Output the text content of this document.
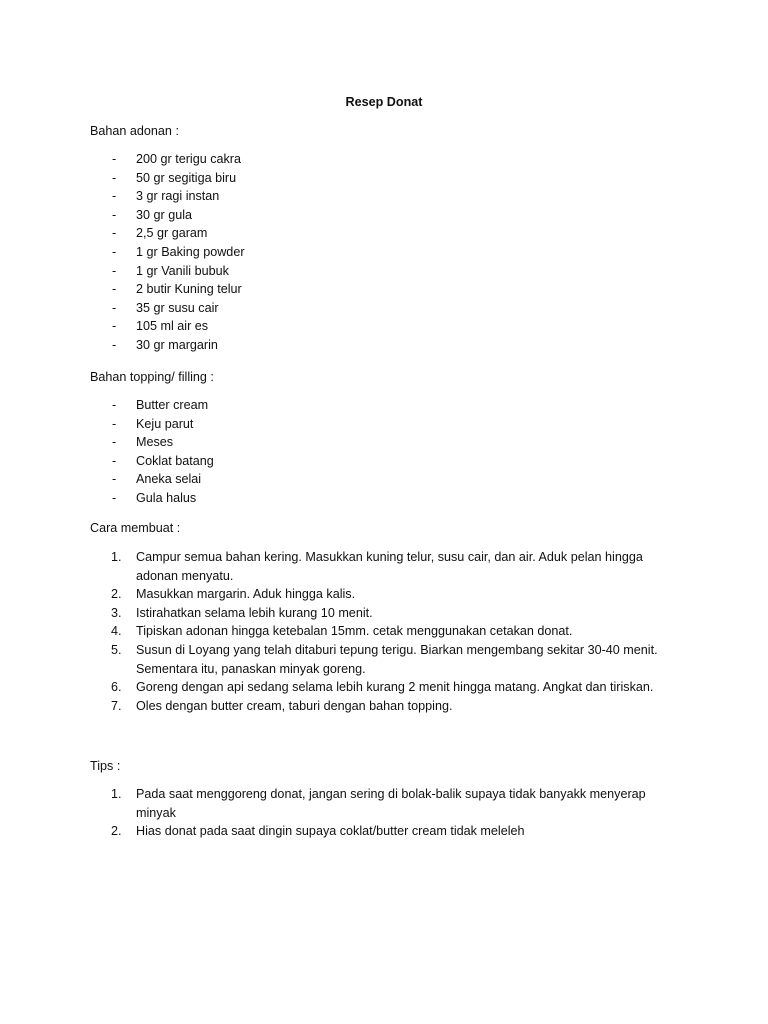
Resep Donat
Bahan adonan :
- 200 gr terigu cakra
- 50 gr segitiga biru
- 3 gr ragi instan
- 30 gr gula
- 2,5 gr garam
- 1 gr Baking powder
- 1 gr Vanili bubuk
- 2 butir Kuning telur
- 35 gr susu cair
- 105 ml air es
- 30 gr margarin
Bahan topping/ filling :
- Butter cream
- Keju parut
- Meses
- Coklat batang
- Aneka selai
- Gula halus
Cara membuat :
1. Campur semua bahan kering. Masukkan kuning telur, susu cair, dan air. Aduk pelan hingga adonan menyatu.
2. Masukkan margarin. Aduk hingga kalis.
3. Istirahatkan selama lebih kurang 10 menit.
4. Tipiskan adonan hingga ketebalan 15mm. cetak menggunakan cetakan donat.
5. Susun di Loyang yang telah ditaburi tepung terigu. Biarkan mengembang sekitar 30-40 menit. Sementara itu, panaskan minyak goreng.
6. Goreng dengan api sedang selama lebih kurang 2 menit hingga matang. Angkat dan tiriskan.
7. Oles dengan butter cream, taburi dengan bahan topping.
Tips :
1. Pada saat menggoreng donat, jangan sering di bolak-balik supaya tidak banyakk menyerap minyak
2. Hias donat pada saat dingin supaya coklat/butter cream tidak meleleh
